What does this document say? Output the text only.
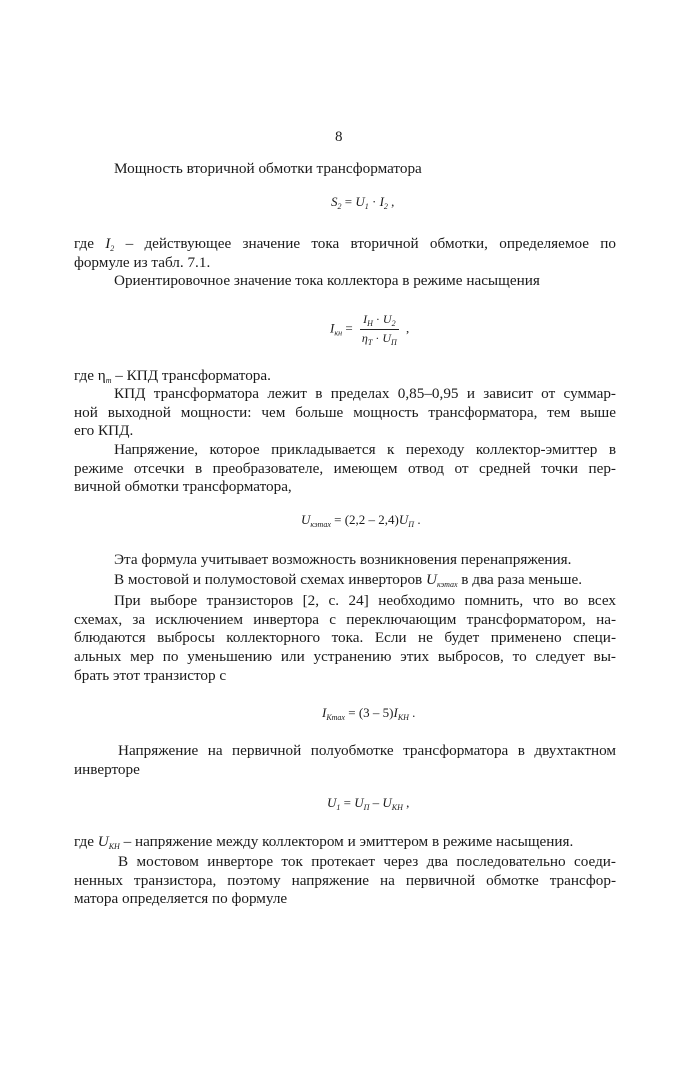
8
Мощность вторичной обмотки трансформатора
$S_2 = U_1 \cdot I_2$ ,
где $I_2$ – действующее значение тока вторичной обмотки, определяемое по
формуле из табл. 7.1.
Ориентировочное значение тока коллектора в режиме насыщения
$I_{кн} = \frac{I_Н \cdot U_2}{\eta_Т \cdot U_П}$ ,
где $\eta_т$ – КПД трансформатора.
КПД трансформатора лежит в пределах 0,85–0,95 и зависит от суммар-
ной выходной мощности: чем больше мощность трансформатора, тем выше
его КПД.
Напряжение, которое прикладывается к переходу коллектор-эмиттер в
режиме отсечки в преобразователе, имеющем отвод от средней точки пер-
вичной обмотки трансформатора,
$U_{кэmax} = (2,2 - 2,4)U_П$ .
Эта формула учитывает возможность возникновения перенапряжения.
В мостовой и полумостовой схемах инверторов $U_{кэmax}$ в два раза меньше.
При выборе транзисторов [2, с. 24] необходимо помнить, что во всех
схемах, за исключением инвертора с переключающим трансформатором, на-
блюдаются выбросы коллекторного тока. Если не будет применено специ-
альных мер по уменьшению или устранению этих выбросов, то следует вы-
брать этот транзистор с
$I_{Кmax} = (3 - 5)I_{КН}$ .
Напряжение на первичной полуобмотке трансформатора в двухтактном
инверторе
$U_1 = U_П - U_{КН}$ ,
где $U_{КН}$ – напряжение между коллектором и эмиттером в режиме насыщения.
В мостовом инверторе ток протекает через два последовательно соеди-
ненных транзистора, поэтому напряжение на первичной обмотке трансфор-
матора определяется по формуле
